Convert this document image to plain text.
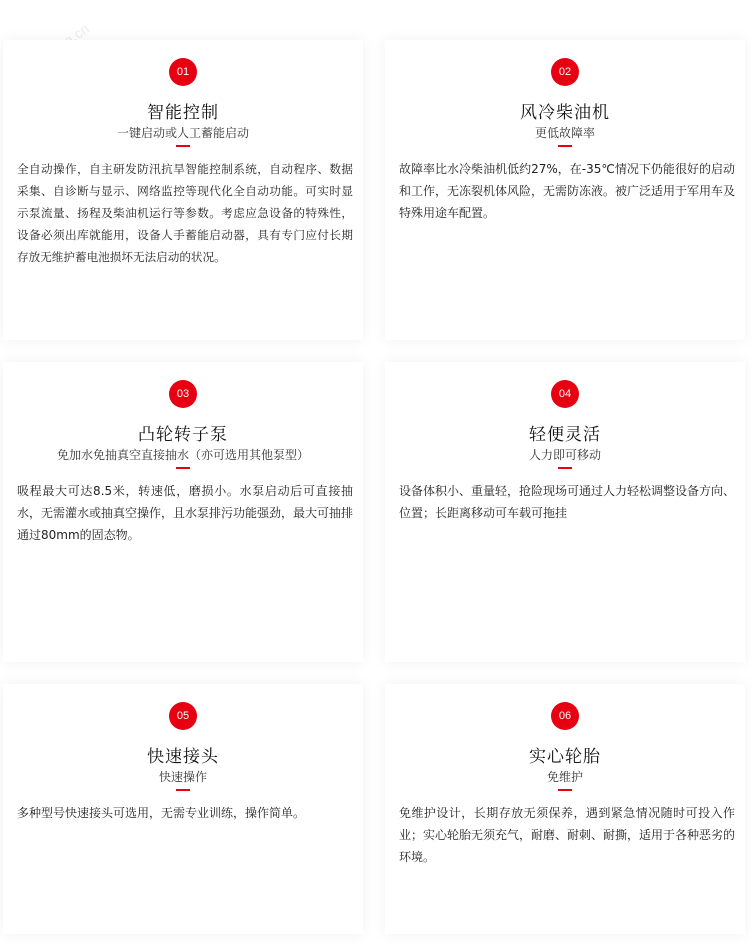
01
智能控制
一键启动或人工蓄能启动
全自动操作，自主研发防汛抗旱智能控制系统，自动程序、数据采集、自诊断与显示、网络监控等现代化全自动功能。可实时显示泵流量、扬程及柴油机运行等参数。考虑应急设备的特殊性，设备必须出库就能用，设备人手蓄能启动器，具有专门应付长期存放无维护蓄电池损坏无法启动的状况。
02
风冷柴油机
更低故障率
故障率比水冷柴油机低约27%，在-35℃情况下仍能很好的启动和工作，无冻裂机体风险，无需防冻液。被广泛适用于军用车及特殊用途车配置。
03
凸轮转子泵
免加水免抽真空直接抽水（亦可选用其他泵型）
吸程最大可达8.5米，转速低，磨损小。水泵启动后可直接抽水，无需灌水或抽真空操作，且水泵排污功能强劲，最大可抽排通过80mm的固态物。
04
轻便灵活
人力即可移动
设备体积小、重量轻，抢险现场可通过人力轻松调整设备方向、位置；长距离移动可车载可拖挂
05
快速接头
快速操作
多种型号快速接头可选用，无需专业训练，操作简单。
06
实心轮胎
免维护
免维护设计，长期存放无须保养，遇到紧急情况随时可投入作业；实心轮胎无须充气，耐磨、耐刺、耐撕，适用于各种恶劣的环境。
